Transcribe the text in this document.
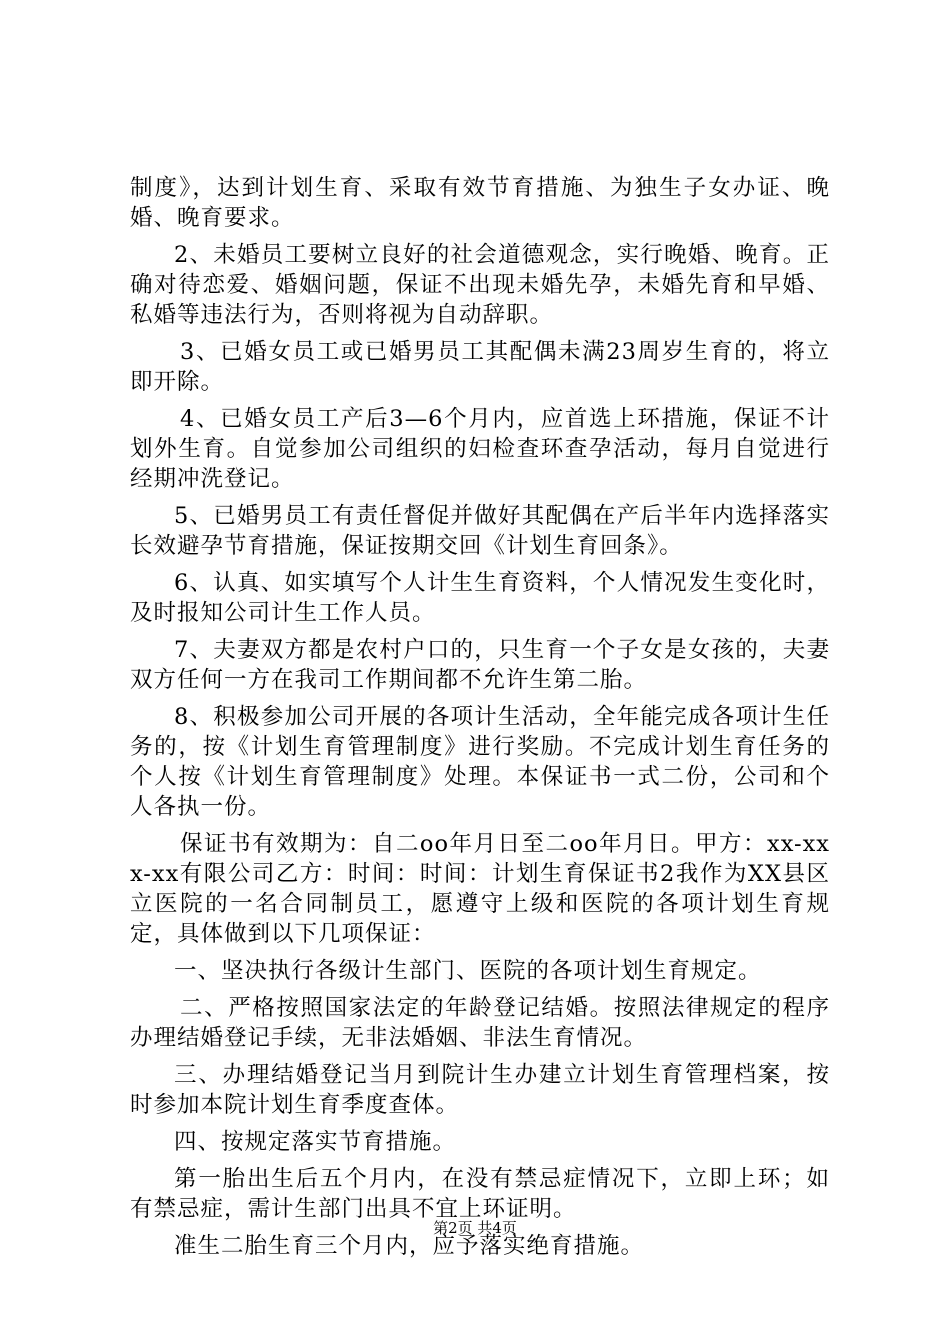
制度》，达到计划生育、采取有效节育措施、为独生子女办证、晚婚、晚育要求。

2、未婚员工要树立良好的社会道德观念，实行晚婚、晚育。正确对待恋爱、婚姻问题，保证不出现未婚先孕，未婚先育和早婚、私婚等违法行为，否则将视为自动辞职。

3、已婚女员工或已婚男员工其配偶未满23周岁生育的，将立即开除。

4、已婚女员工产后3—6个月内，应首选上环措施，保证不计划外生育。自觉参加公司组织的妇检查环查孕活动，每月自觉进行经期冲洗登记。

5、已婚男员工有责任督促并做好其配偶在产后半年内选择落实长效避孕节育措施，保证按期交回《计划生育回条》。

6、认真、如实填写个人计生生育资料，个人情况发生变化时，及时报知公司计生工作人员。

7、夫妻双方都是农村户口的，只生育一个子女是女孩的，夫妻双方任何一方在我司工作期间都不允许生第二胎。

8、积极参加公司开展的各项计生活动，全年能完成各项计生任务的，按《计划生育管理制度》进行奖励。不完成计划生育任务的个人按《计划生育管理制度》处理。本保证书一式二份，公司和个人各执一份。

保证书有效期为：自二oo年月日至二oo年月日。甲方：xx-xxx-xx有限公司乙方：时间：时间：计划生育保证书2我作为XX县区立医院的一名合同制员工，愿遵守上级和医院的各项计划生育规定，具体做到以下几项保证：

一、坚决执行各级计生部门、医院的各项计划生育规定。

二、严格按照国家法定的年龄登记结婚。按照法律规定的程序办理结婚登记手续，无非法婚姻、非法生育情况。

三、办理结婚登记当月到院计生办建立计划生育管理档案，按时参加本院计划生育季度查体。

四、按规定落实节育措施。

第一胎出生后五个月内，在没有禁忌症情况下，立即上环；如有禁忌症，需计生部门出具不宜上环证明。

准生二胎生育三个月内，应予落实绝育措施。

第2页 共4页
